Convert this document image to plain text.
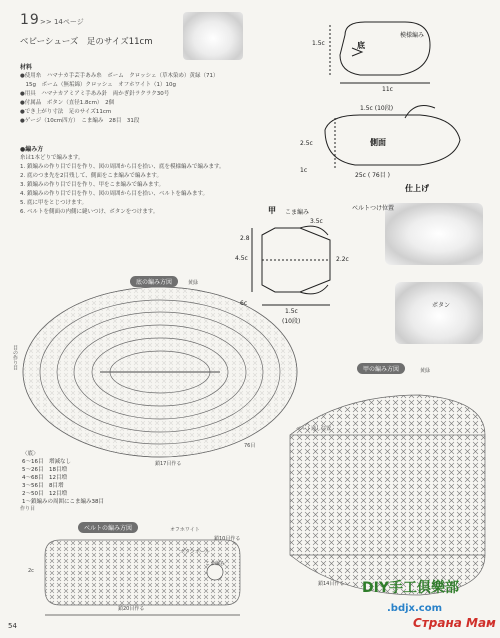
19 >> 14ページ
ベビーシューズ　足のサイズ11cm
材料
●使用糸　ハマナカ手芸手あみ糸　ボーム　クロッシェ（草木染め）黄緑（71）
　15g　ボーム（無垢綿）クロッシェ　オフホワイト（1）10g
●用具　ハマナカアミアミ手あみ針　両かぎ針ラクラク30号
●付属品　ボタン（直径1.8cm）　2個
●でき上がり寸法　足のサイズ11cm
●ゲージ（10cm四方）　こま編み　28目　31段
●編み方
糸は1本どりで編みます。
1. 鎖編みの作り目で目を作り、図の周囲から目を拾い、底を模様編みで編みます。
2. 底のつま先を2目残して、側面をこま編みで編みます。
3. 鎖編みの作り目で目を作り、甲をこま編みで編みます。
4. 鎖編みの作り目で目を作り、図の周囲から目を拾い、ベルトを編みます。
5. 底に甲をとじつけます。
6. ベルトを側面の内側に縫いつけ、ボタンをつけます。
底
11c
1.5c
模様編み
側面
2.5c
1.5c (10段)
25c ( 76目 )
1c
甲 こま編み
4.5c
2.8
3.5c
2.2c
1.5c
(10段)
6c
仕上げ
ベルトつけ位置
ボタン
底の編み方図	黄緑
鎖17目作る
76目
作り目
目の作り目
〈底〉
6～16目　増減なし
5～26目　18目増
4～68目　12目増
3～56目　8目増
2～50目　12目増
1～鎖編みの周囲にこま編み38目
甲の編み方図	黄緑
ベルト通し位置
鎖14目作る
ベルトの編み方図	オフホワイト
鎖10目作る
ボタンホール
鎖20目作る
2c
こま編み
54
DIY手工俱樂部
.bdjx.com
Страна Мам
